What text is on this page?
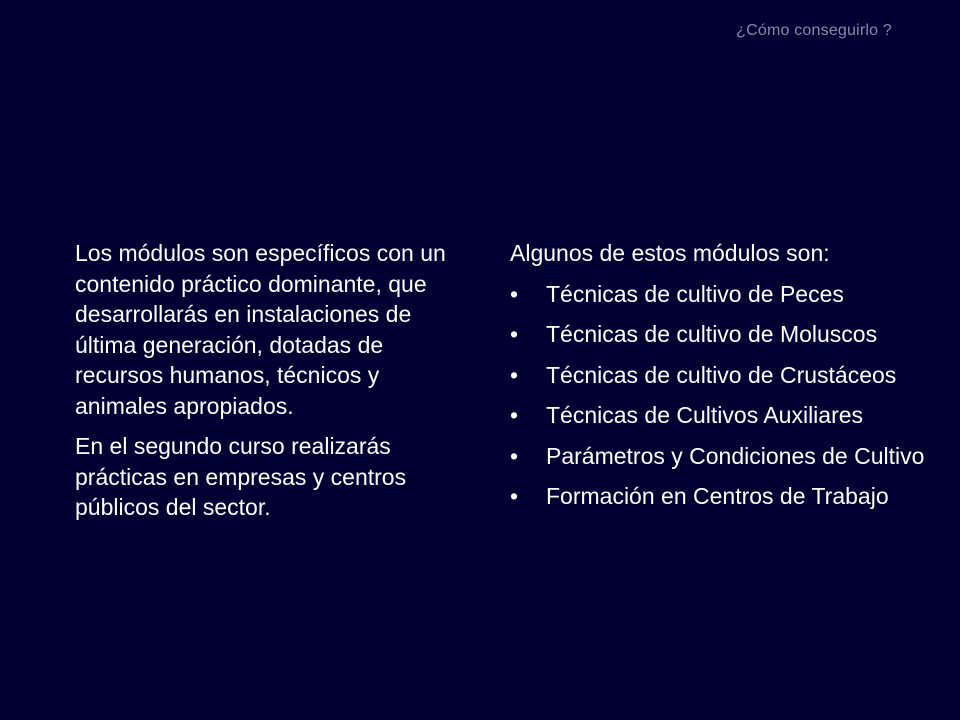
¿Cómo conseguirlo ?

Los módulos son específicos con un contenido práctico dominante, que desarrollarás en instalaciones de última generación, dotadas de recursos humanos, técnicos y animales apropiados.

En el segundo curso realizarás prácticas en empresas y centros públicos del sector.

Algunos de estos módulos son:
•	Técnicas de cultivo de Peces
•	Técnicas de cultivo de Moluscos
•	Técnicas de cultivo de Crustáceos
•	Técnicas de Cultivos Auxiliares
•	Parámetros y Condiciones de Cultivo
•	Formación en Centros de Trabajo
